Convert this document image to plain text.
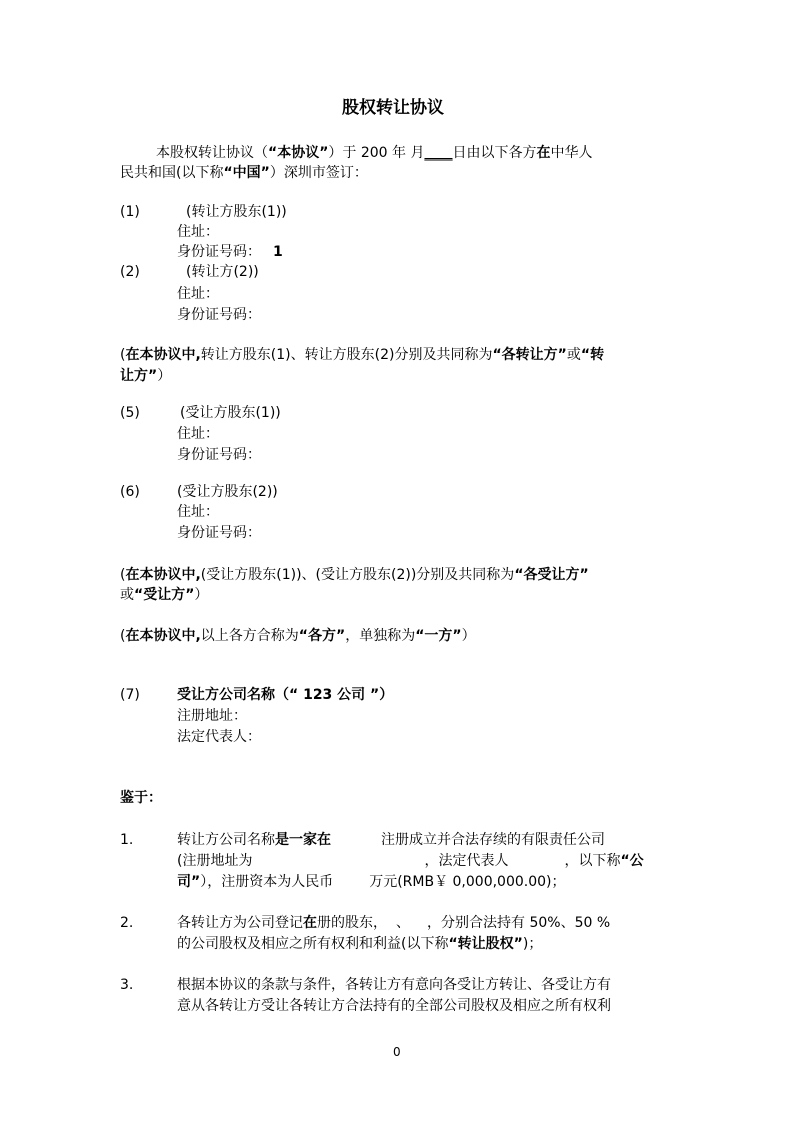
股权转让协议
本股权转让协议（“本协议”）于 200 年 月____日由以下各方在中华人
民共和国(以下称“中国”）深圳市签订：
(1)	(转让方股东(1))
住址：
身份证号码： 1
(2)	(转让方(2))
住址：
身份证号码：
(在本协议中,转让方股东(1)、转让方股东(2)分别及共同称为“各转让方”或“转
让方”）
(5)	(受让方股东(1))
住址：
身份证号码：
(6)	(受让方股东(2))
住址：
身份证号码：
(在本协议中,(受让方股东(1))、(受让方股东(2))分别及共同称为“各受让方”
或“受让方”）
(在本协议中,以上各方合称为“各方”，单独称为“一方”）
(7)	受让方公司名称（“ 123 公司 ”）
注册地址：
法定代表人：
鉴于：
1.	转让方公司名称是一家在	注册成立并合法存续的有限责任公司
(注册地址为	，法定代表人	，以下称“公
司”），注册资本为人民币	万元(RMB￥ 0,000,000.00)；
2.	各转让方为公司登记在册的股东， 、 ，分别合法持有 50%、50 %
的公司股权及相应之所有权利和利益(以下称“转让股权”)；
3.	根据本协议的条款与条件，各转让方有意向各受让方转让、各受让方有
意从各转让方受让各转让方合法持有的全部公司股权及相应之所有权利
0
